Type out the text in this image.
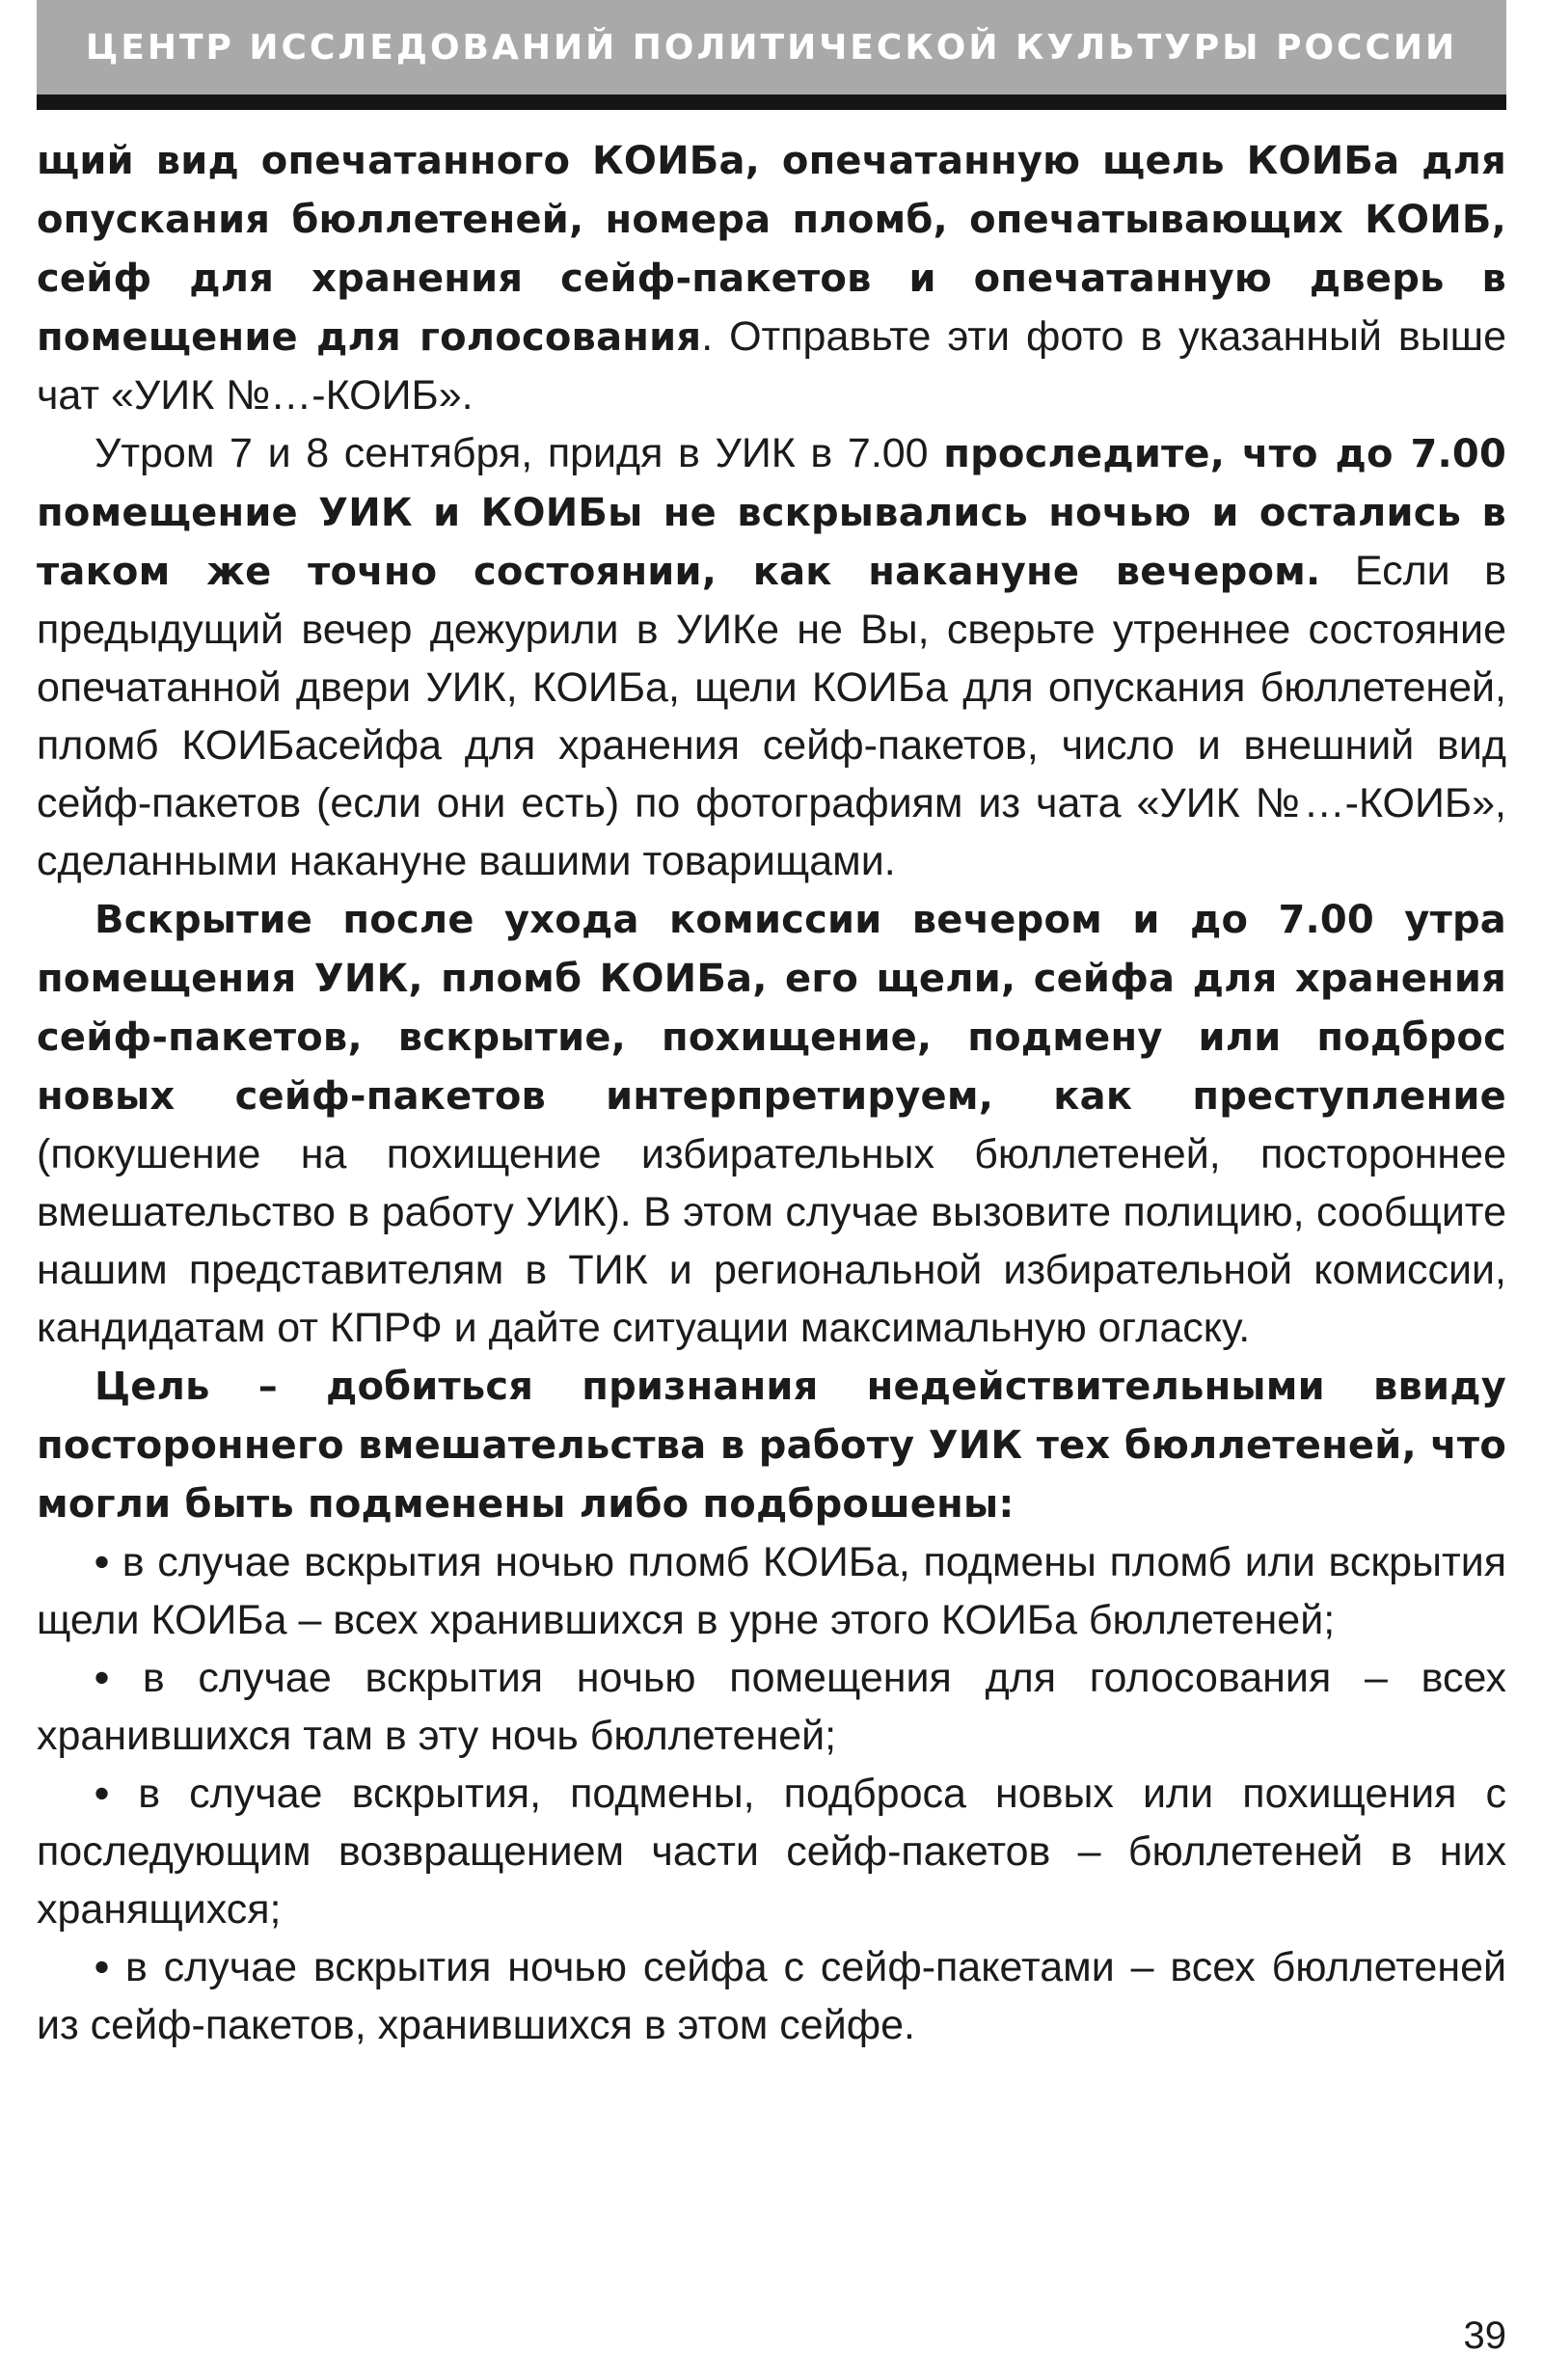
ЦЕНТР ИССЛЕДОВАНИЙ ПОЛИТИЧЕСКОЙ КУЛЬТУРЫ РОССИИ

щий вид опечатанного КОИБа, опечатанную щель КОИБа для опускания бюллетеней, номера пломб, опечатывающих КОИБ, сейф для хранения сейф-пакетов и опечатанную дверь в помещение для голосования. Отправьте эти фото в указанный выше чат «УИК №…-КОИБ».

Утром 7 и 8 сентября, придя в УИК в 7.00 проследите, что до 7.00 помещение УИК и КОИБы не вскрывались ночью и остались в таком же точно состоянии, как накануне вечером. Если в предыдущий вечер дежурили в УИКе не Вы, сверьте утреннее состояние опечатанной двери УИК, КОИБа, щели КОИБа для опускания бюллетеней, пломб КОИБасейфа для хранения сейф-пакетов, число и внешний вид сейф-пакетов (если они есть) по фотографиям из чата «УИК №…-КОИБ», сделанными накануне вашими товарищами.

Вскрытие после ухода комиссии вечером и до 7.00 утра помещения УИК, пломб КОИБа, его щели, сейфа для хранения сейф-пакетов, вскрытие, похищение, подмену или подброс новых сейф-пакетов интерпретируем, как преступление (покушение на похищение избирательных бюллетеней, постороннее вмешательство в работу УИК). В этом случае вызовите полицию, сообщите нашим представителям в ТИК и региональной избирательной комиссии, кандидатам от КПРФ и дайте ситуации максимальную огласку.

Цель – добиться признания недействительными ввиду постороннего вмешательства в работу УИК тех бюллетеней, что могли быть подменены либо подброшены:

• в случае вскрытия ночью пломб КОИБа, подмены пломб или вскрытия щели КОИБа – всех хранившихся в урне этого КОИБа бюллетеней;

• в случае вскрытия ночью помещения для голосования – всех хранившихся там в эту ночь бюллетеней;

• в случае вскрытия, подмены, подброса новых или похищения с последующим возвращением части сейф-пакетов – бюллетеней в них хранящихся;

• в случае вскрытия ночью сейфа с сейф-пакетами – всех бюллетеней из сейф-пакетов, хранившихся в этом сейфе.

39
